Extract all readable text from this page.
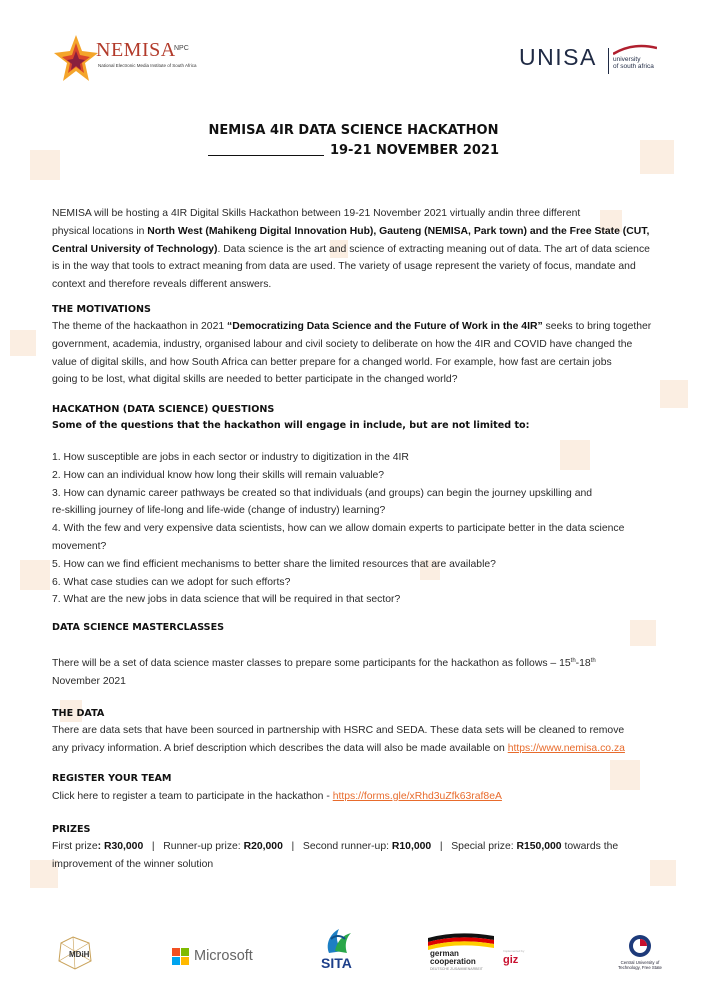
NEMISA
NPC
National Electronic Media Institute of South Africa	UNISA university
of south africa
NEMISA 4IR DATA SCIENCE HACKATHON
19-21 NOVEMBER 2021
NEMISA will be hosting a 4IR Digital Skills Hackathon between 19-21 November 2021 virtually andin three different
physical locations in North West (Mahikeng Digital Innovation Hub), Gauteng (NEMISA, Park town) and the Free State (CUT,
Central University of Technology). Data science is the art and science of extracting meaning out of data. The art of data science
is in the way that tools to extract meaning from data are used. The variety of usage represent the variety of focus, mandate and
context and therefore reveals different answers.
THE MOTIVATIONS
The theme of the hackaathon in 2021 “Democratizing Data Science and the Future of Work in the 4IR” seeks to bring together
government, academia, industry, organised labour and civil society to deliberate on how the 4IR and COVID have changed the
value of digital skills, and how South Africa can better prepare for a changed world. For example, how fast are certain jobs
going to be lost, what digital skills are needed to better participate in the changed world?
HACKATHON (DATA SCIENCE) QUESTIONS
Some of the questions that the hackathon will engage in include, but are not limited to:
1. How susceptible are jobs in each sector or industry to digitization in the 4IR
2. How can an individual know how long their skills will remain valuable?
3. How can dynamic career pathways be created so that individuals (and groups) can begin the journey upskilling and
re-skilling journey of life-long and life-wide (change of industry) learning?
4. With the few and very expensive data scientists, how can we allow domain experts to participate better in the data science
movement?
5. How can we find efficient mechanisms to better share the limited resources that are available?
6. What case studies can we adopt for such efforts?
7. What are the new jobs in data science that will be required in that sector?
DATA SCIENCE MASTERCLASSES
There will be a set of data science master classes to prepare some participants for the hackathon as follows – 15th-18th
November 2021
THE DATA
There are data sets that have been sourced in partnership with HSRC and SEDA. These data sets will be cleaned to remove
any privacy information. A brief description which describes the data will also be made available on https://www.nemisa.co.za
REGISTER YOUR TEAM
Click here to register a team to participate in the hackathon - https://forms.gle/xRhd3uZfk63raf8eA
PRIZES
First prize: R30,000 | Runner-up prize: R20,000 | Second runner-up: R10,000 | Special prize: R150,000 towards the
improvement of the winner solution
MDiH	Microsoft	SITA
german
cooperation
DEUTSCHE ZUSAMMENARBEIT
Implemented by
giz	Central University of
Technology, Free State
